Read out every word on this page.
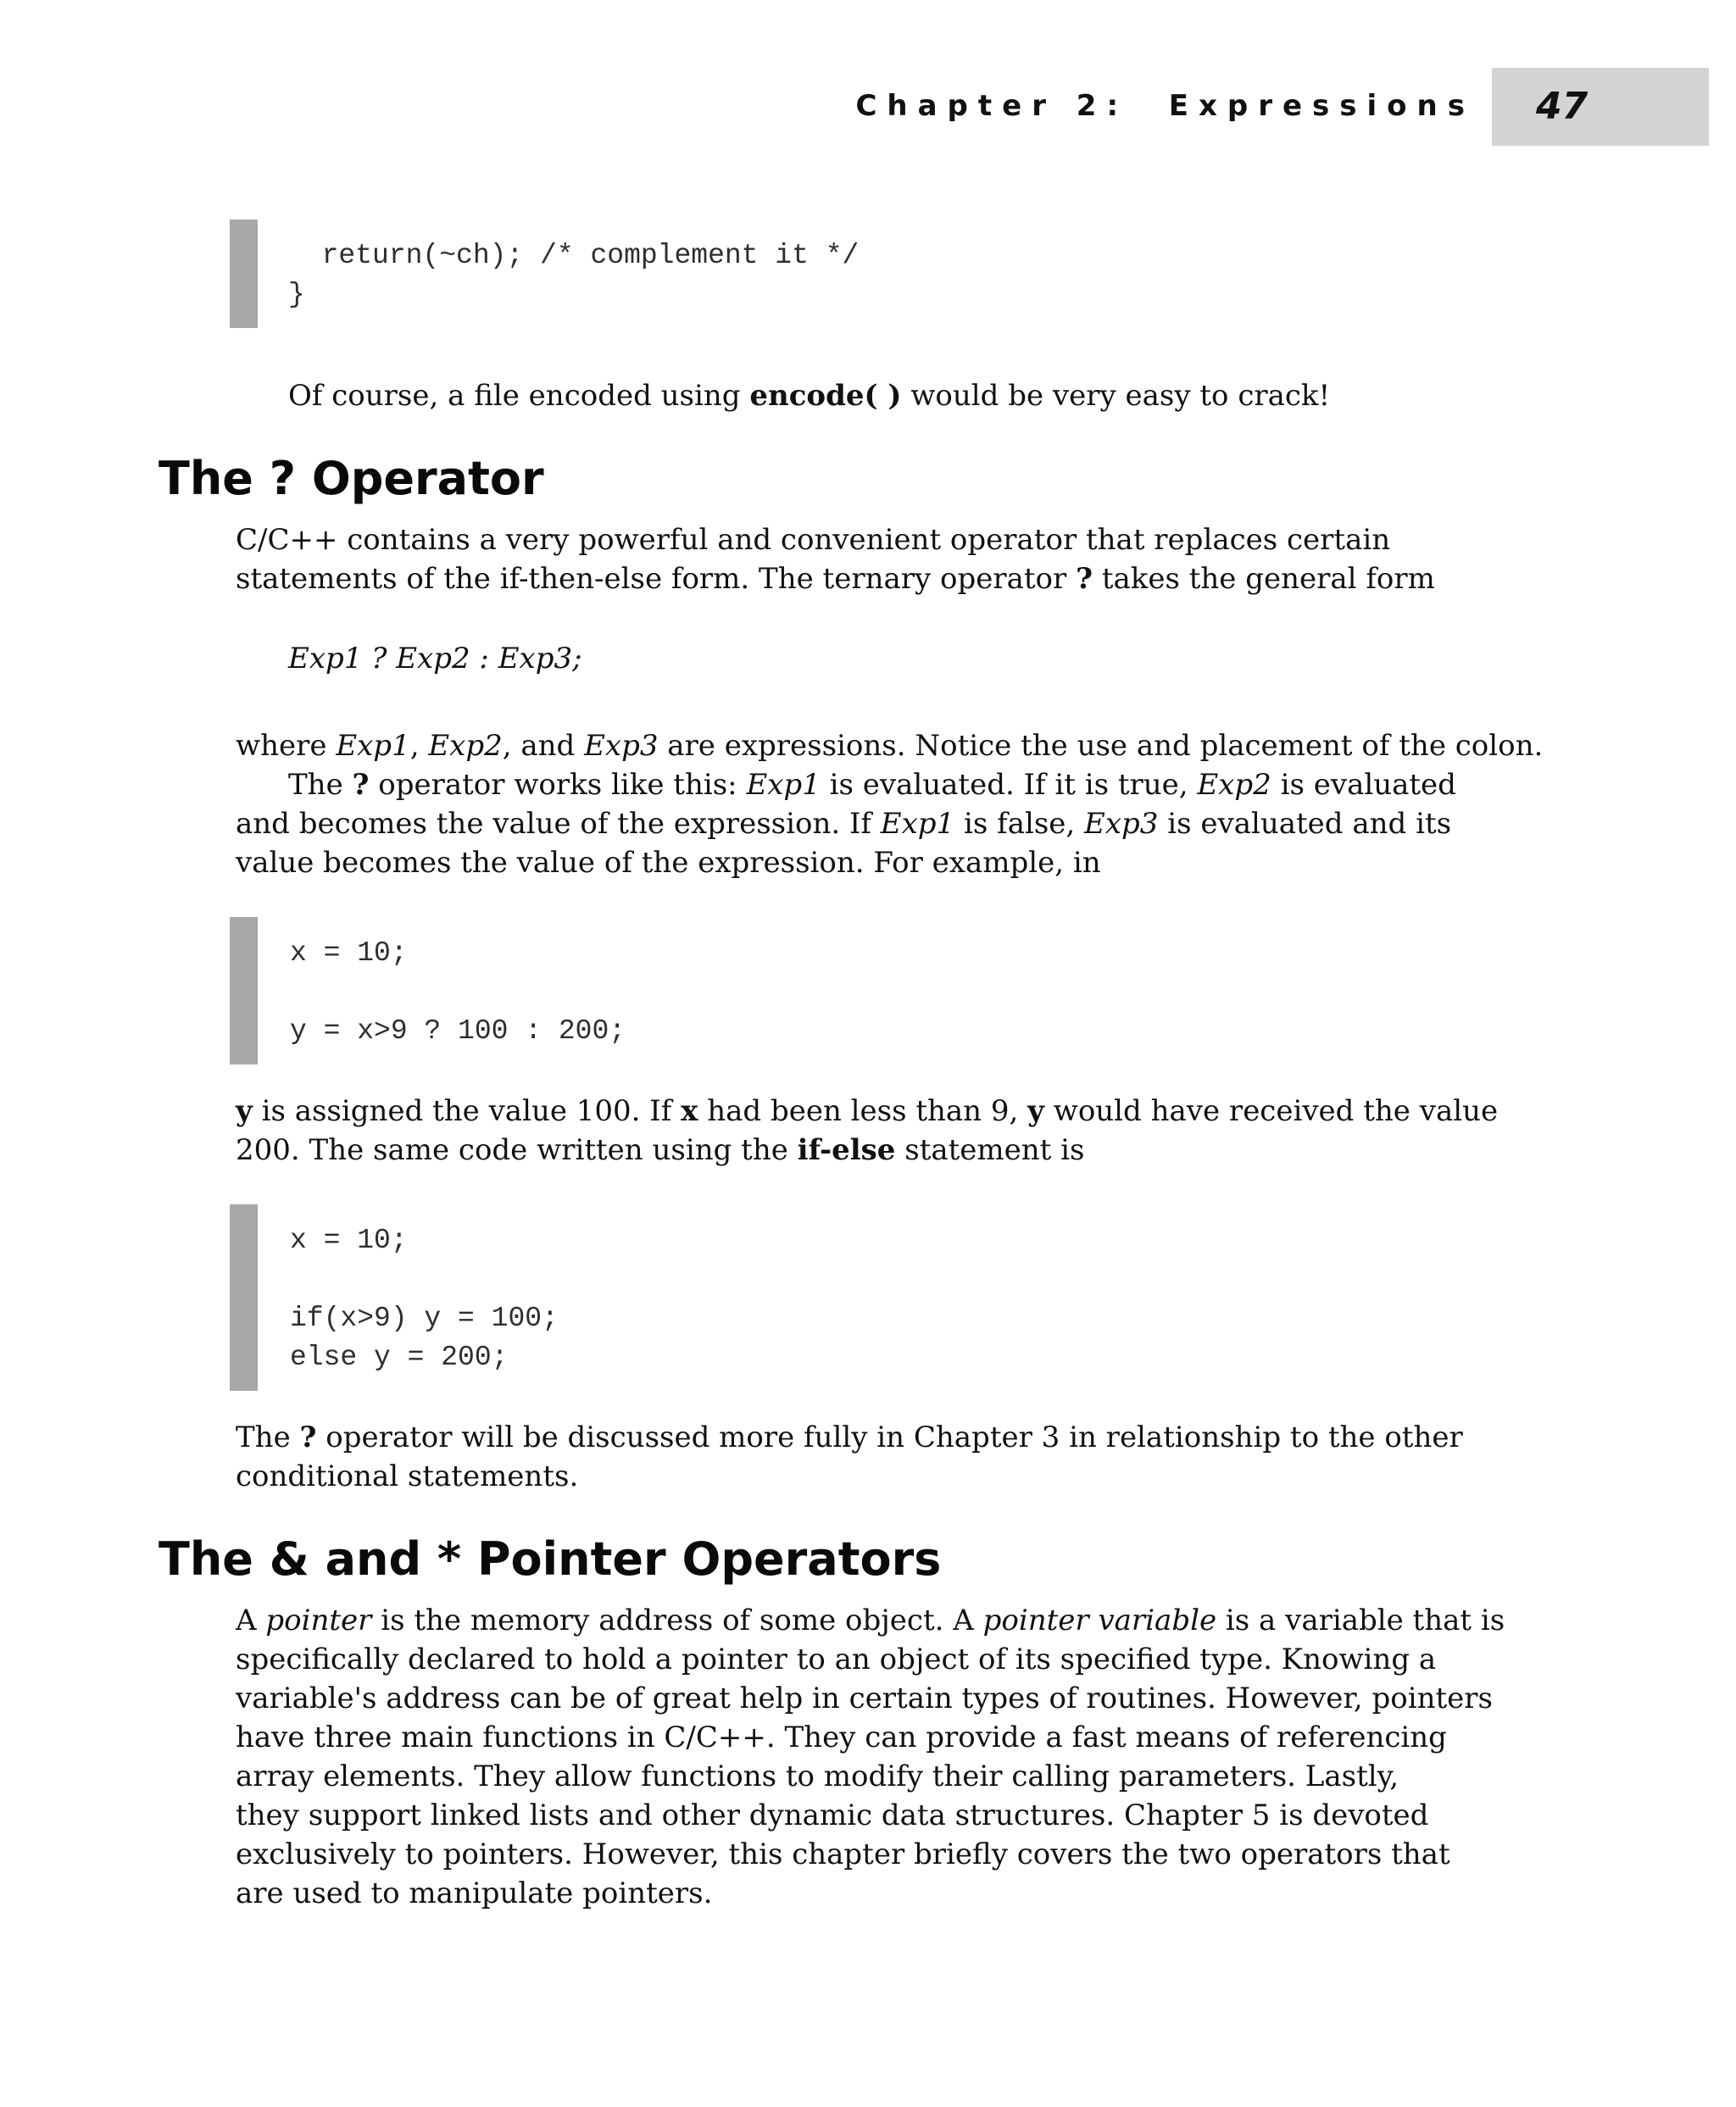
Chapter 2:  Expressions 47
return(~ch); /* complement it */
}
Of course, a file encoded using encode( ) would be very easy to crack!
The ? Operator
C/C++ contains a very powerful and convenient operator that replaces certain
statements of the if-then-else form. The ternary operator ? takes the general form
Exp1 ? Exp2 : Exp3;
where Exp1, Exp2, and Exp3 are expressions. Notice the use and placement of the colon.
The ? operator works like this: Exp1 is evaluated. If it is true, Exp2 is evaluated
and becomes the value of the expression. If Exp1 is false, Exp3 is evaluated and its
value becomes the value of the expression. For example, in
x = 10;
y = x>9 ? 100 : 200;
y is assigned the value 100. If x had been less than 9, y would have received the value
200. The same code written using the if-else statement is
x = 10;
if(x>9) y = 100;
else y = 200;
The ? operator will be discussed more fully in Chapter 3 in relationship to the other
conditional statements.
The & and * Pointer Operators
A pointer is the memory address of some object. A pointer variable is a variable that is
specifically declared to hold a pointer to an object of its specified type. Knowing a
variable's address can be of great help in certain types of routines. However, pointers
have three main functions in C/C++. They can provide a fast means of referencing
array elements. They allow functions to modify their calling parameters. Lastly,
they support linked lists and other dynamic data structures. Chapter 5 is devoted
exclusively to pointers. However, this chapter briefly covers the two operators that
are used to manipulate pointers.
